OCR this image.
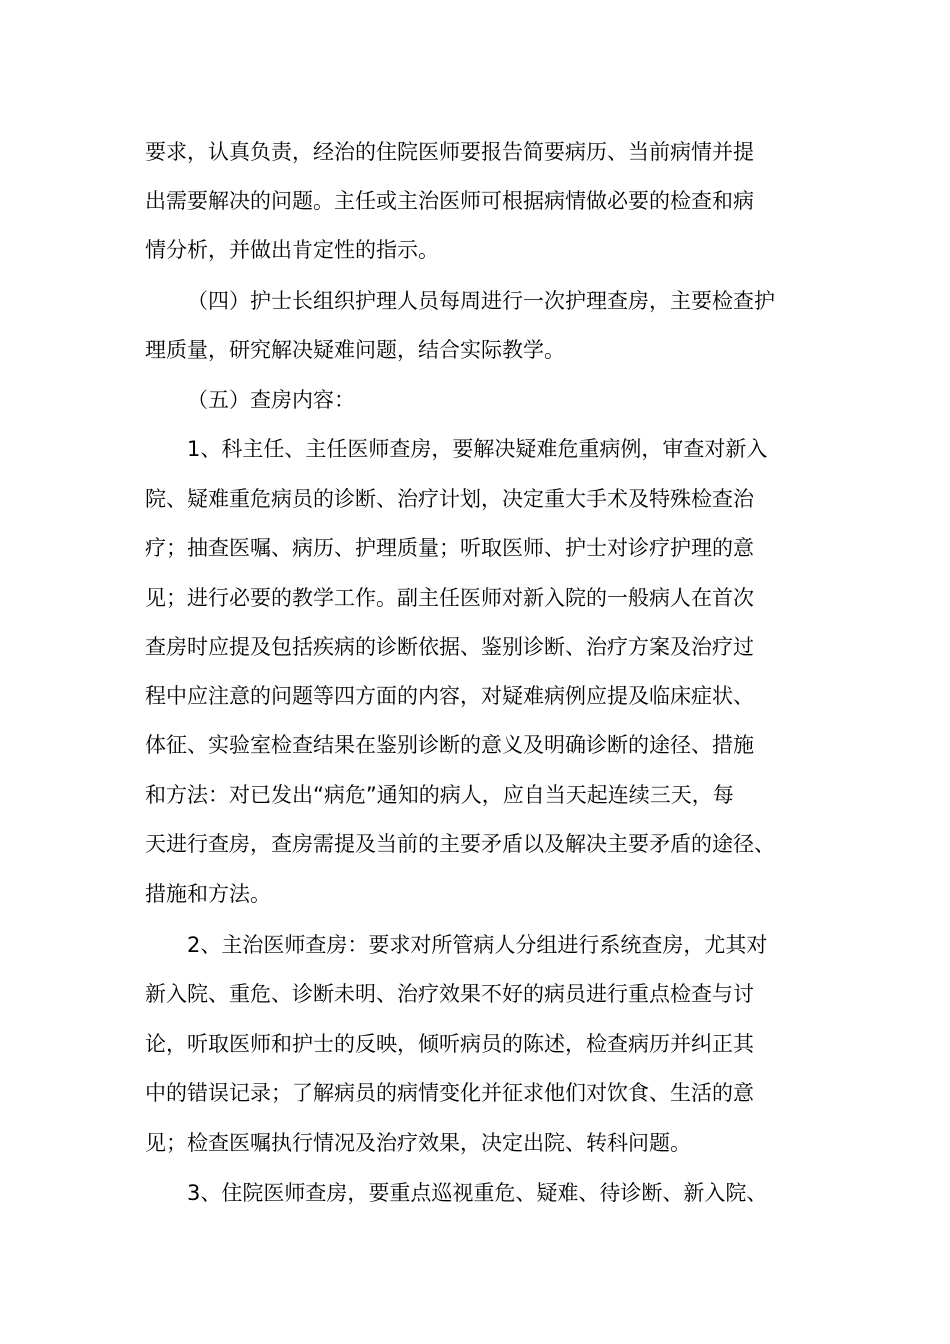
要求，认真负责，经治的住院医师要报告简要病历、当前病情并提
出需要解决的问题。主任或主治医师可根据病情做必要的检查和病
情分析，并做出肯定性的指示。
（四）护士长组织护理人员每周进行一次护理查房，主要检查护
理质量，研究解决疑难问题，结合实际教学。
（五）查房内容：
1、科主任、主任医师查房，要解决疑难危重病例，审查对新入
院、疑难重危病员的诊断、治疗计划，决定重大手术及特殊检查治
疗；抽查医嘱、病历、护理质量；听取医师、护士对诊疗护理的意
见；进行必要的教学工作。副主任医师对新入院的一般病人在首次
查房时应提及包括疾病的诊断依据、鉴别诊断、治疗方案及治疗过
程中应注意的问题等四方面的内容，对疑难病例应提及临床症状、
体征、实验室检查结果在鉴别诊断的意义及明确诊断的途径、措施
和方法：对已发出“病危”通知的病人，应自当天起连续三天，每
天进行查房，查房需提及当前的主要矛盾以及解决主要矛盾的途径、
措施和方法。
2、主治医师查房：要求对所管病人分组进行系统查房，尤其对
新入院、重危、诊断未明、治疗效果不好的病员进行重点检查与讨
论，听取医师和护士的反映，倾听病员的陈述，检查病历并纠正其
中的错误记录；了解病员的病情变化并征求他们对饮食、生活的意
见；检查医嘱执行情况及治疗效果，决定出院、转科问题。
3、住院医师查房，要重点巡视重危、疑难、待诊断、新入院、
